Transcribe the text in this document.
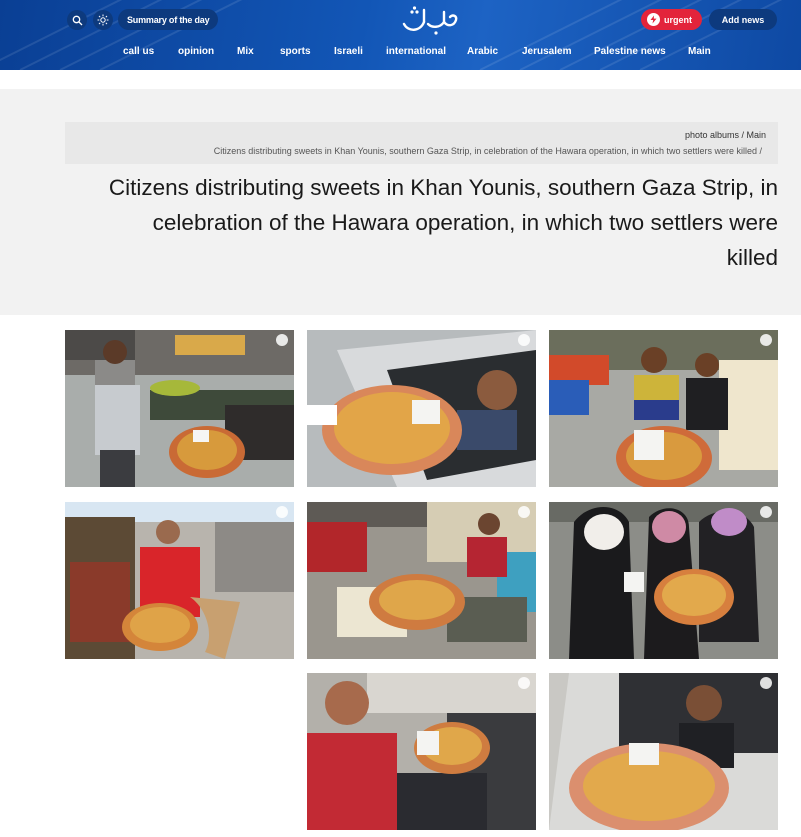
Summary of the day	urgent	Add news
call us opinion Mix	sports Israeli international Arabic Jerusalem Palestine news Main
photo albums / Main
Citizens distributing sweets in Khan Younis, southern Gaza Strip, in celebration of the Hawara operation, in which two settlers were killed /
Citizens distributing sweets in Khan Younis, southern Gaza Strip, in celebration of the Hawara operation, in which two settlers were killed
